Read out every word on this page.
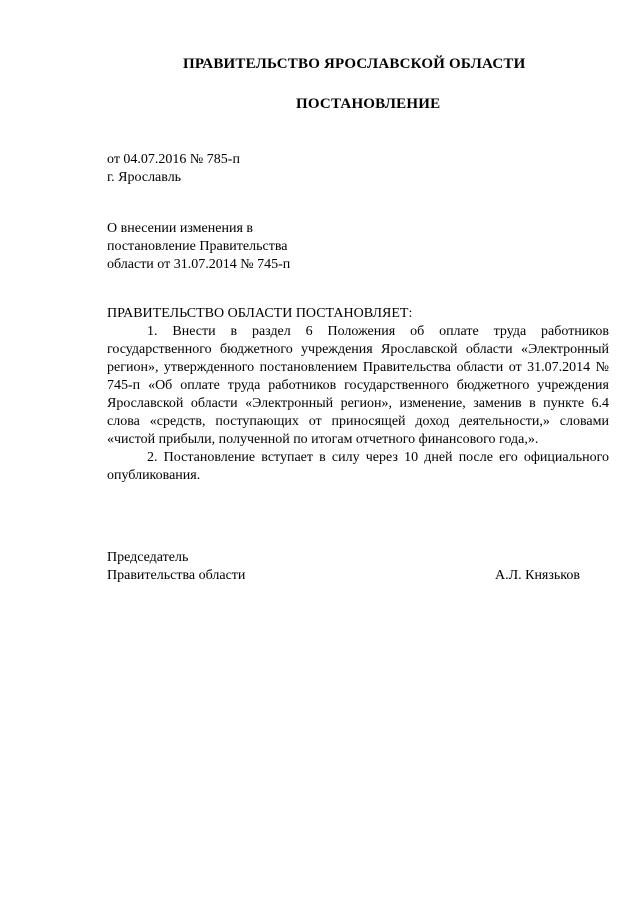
ПРАВИТЕЛЬСТВО ЯРОСЛАВСКОЙ ОБЛАСТИ
ПОСТАНОВЛЕНИЕ
от 04.07.2016 № 785-п
г. Ярославль
О внесении изменения в
постановление Правительства
области от 31.07.2014 № 745-п
ПРАВИТЕЛЬСТВО ОБЛАСТИ ПОСТАНОВЛЯЕТ:

1. Внести в раздел 6 Положения об оплате труда работников государственного бюджетного учреждения Ярославской области «Электронный регион», утвержденного постановлением Правительства области от 31.07.2014 № 745-п «Об оплате труда работников государственного бюджетного учреждения Ярославской области «Электронный регион», изменение, заменив в пункте 6.4 слова «средств, поступающих от приносящей доход деятельности,» словами «чистой прибыли, полученной по итогам отчетного финансового года,».

2. Постановление вступает в силу через 10 дней после его официального опубликования.

Председатель
Правительства области	А.Л. Князьков
